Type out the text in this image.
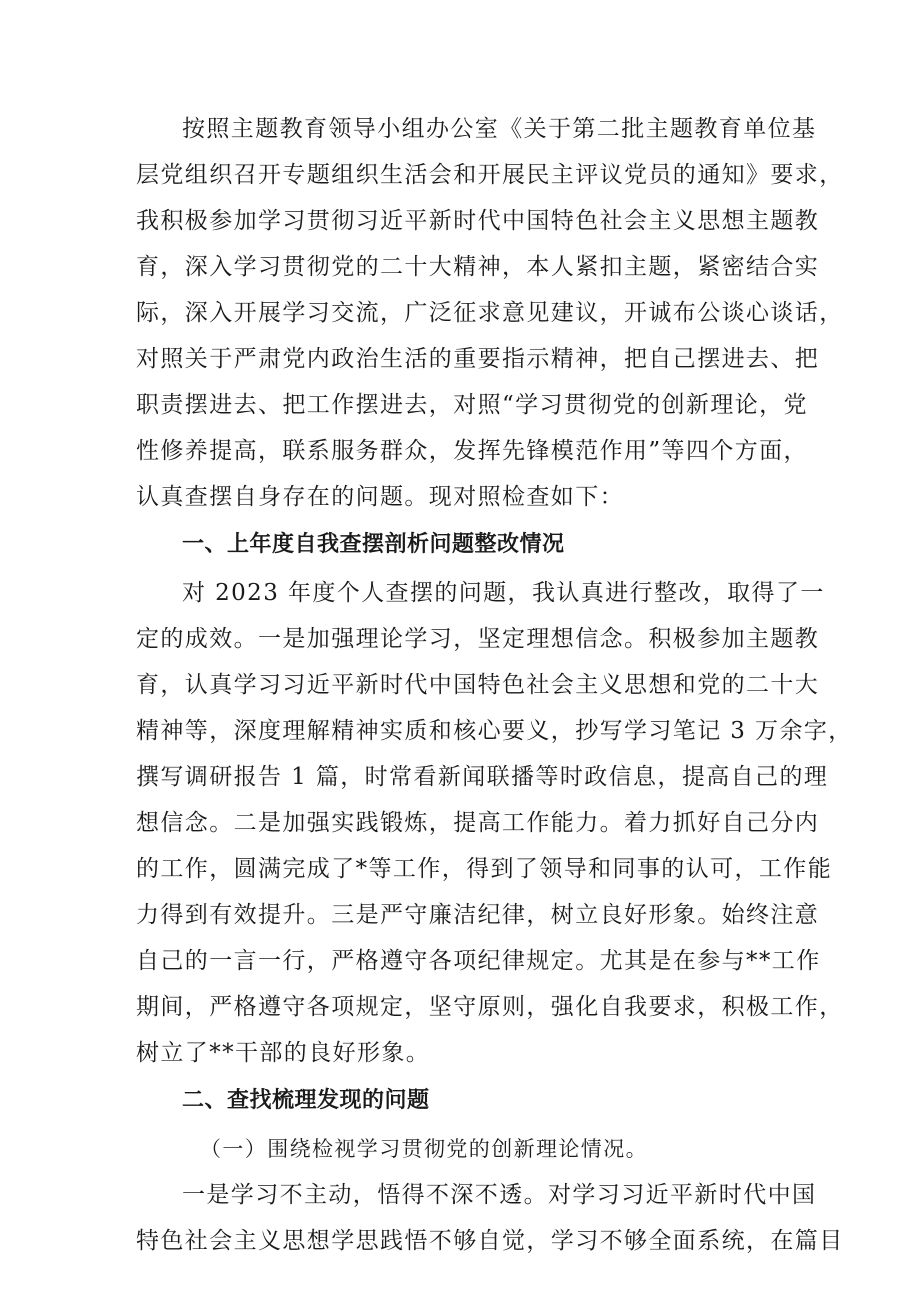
按照主题教育领导小组办公室《关于第二批主题教育单位基
层党组织召开专题组织生活会和开展民主评议党员的通知》要求，
我积极参加学习贯彻习近平新时代中国特色社会主义思想主题教
育，深入学习贯彻党的二十大精神，本人紧扣主题，紧密结合实
际，深入开展学习交流，广泛征求意见建议，开诚布公谈心谈话，
对照关于严肃党内政治生活的重要指示精神，把自己摆进去、把
职责摆进去、把工作摆进去，对照“学习贯彻党的创新理论，党
性修养提高，联系服务群众，发挥先锋模范作用”等四个方面，
认真查摆自身存在的问题。现对照检查如下：
一、上年度自我查摆剖析问题整改情况
对 2023 年度个人查摆的问题，我认真进行整改，取得了一
定的成效。一是加强理论学习，坚定理想信念。积极参加主题教
育，认真学习习近平新时代中国特色社会主义思想和党的二十大
精神等，深度理解精神实质和核心要义，抄写学习笔记 3 万余字，
撰写调研报告 1 篇，时常看新闻联播等时政信息，提高自己的理
想信念。二是加强实践锻炼，提高工作能力。着力抓好自己分内
的工作，圆满完成了*等工作，得到了领导和同事的认可，工作能
力得到有效提升。三是严守廉洁纪律，树立良好形象。始终注意
自己的一言一行，严格遵守各项纪律规定。尤其是在参与**工作
期间，严格遵守各项规定，坚守原则，强化自我要求，积极工作，
树立了**干部的良好形象。
二、查找梳理发现的问题
（一）围绕检视学习贯彻党的创新理论情况。
一是学习不主动，悟得不深不透。对学习习近平新时代中国
特色社会主义思想学思践悟不够自觉，学习不够全面系统，在篇目
